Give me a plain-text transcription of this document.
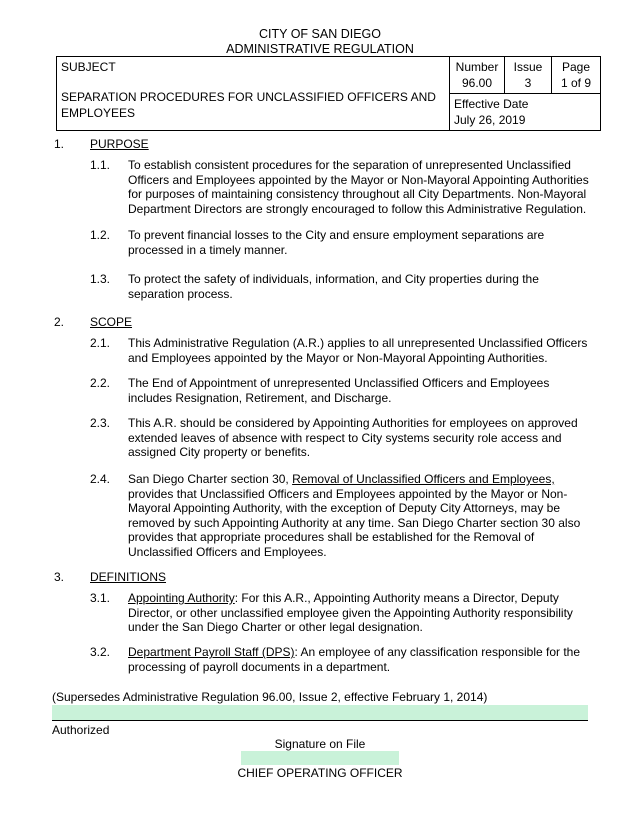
CITY OF SAN DIEGO
ADMINISTRATIVE REGULATION
SUBJECT
SEPARATION PROCEDURES FOR UNCLASSIFIED OFFICERS AND EMPLOYEES

Number
96.00

Issue
3

Page
1 of 9

Effective Date
July 26, 2019
1. PURPOSE
1.1. To establish consistent procedures for the separation of unrepresented Unclassified Officers and Employees appointed by the Mayor or Non-Mayoral Appointing Authorities for purposes of maintaining consistency throughout all City Departments. Non-Mayoral Department Directors are strongly encouraged to follow this Administrative Regulation.
1.2. To prevent financial losses to the City and ensure employment separations are processed in a timely manner.
1.3. To protect the safety of individuals, information, and City properties during the separation process.
2. SCOPE
2.1. This Administrative Regulation (A.R.) applies to all unrepresented Unclassified Officers and Employees appointed by the Mayor or Non-Mayoral Appointing Authorities.
2.2. The End of Appointment of unrepresented Unclassified Officers and Employees includes Resignation, Retirement, and Discharge.
2.3. This A.R. should be considered by Appointing Authorities for employees on approved extended leaves of absence with respect to City systems security role access and assigned City property or benefits.
2.4. San Diego Charter section 30, Removal of Unclassified Officers and Employees, provides that Unclassified Officers and Employees appointed by the Mayor or Non-Mayoral Appointing Authority, with the exception of Deputy City Attorneys, may be removed by such Appointing Authority at any time. San Diego Charter section 30 also provides that appropriate procedures shall be established for the Removal of Unclassified Officers and Employees.
3. DEFINITIONS
3.1. Appointing Authority: For this A.R., Appointing Authority means a Director, Deputy Director, or other unclassified employee given the Appointing Authority responsibility under the San Diego Charter or other legal designation.
3.2. Department Payroll Staff (DPS): An employee of any classification responsible for the processing of payroll documents in a department.
(Supersedes Administrative Regulation 96.00, Issue 2, effective February 1, 2014)
Authorized
Signature on File
CHIEF OPERATING OFFICER
